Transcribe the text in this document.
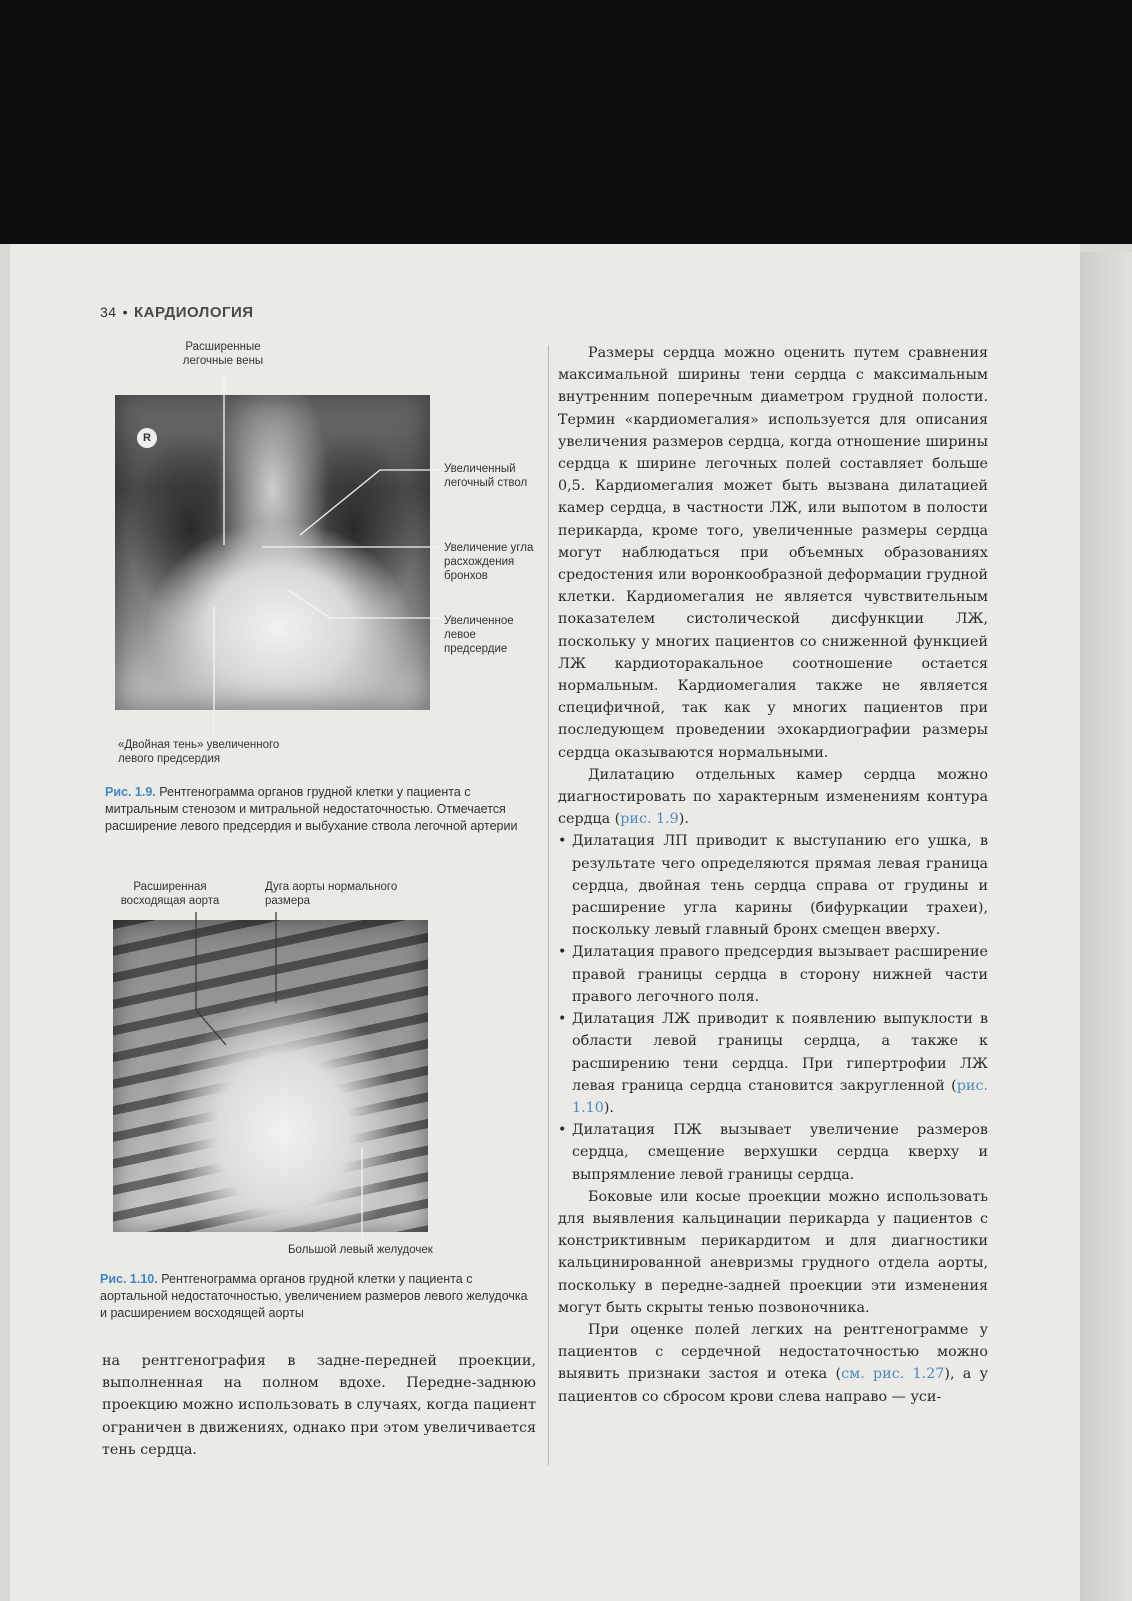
34 • КАРДИОЛОГИЯ
Расширенные легочные вены
R
Увеличенный легочный ствол
Увеличение угла расхождения бронхов
Увеличенное левое предсердие
«Двойная тень» увеличенного левого предсердия
Рис. 1.9. Рентгенограмма органов грудной клетки у пациента с митральным стенозом и митральной недостаточностью. Отмечается расширение левого предсердия и выбухание ствола легочной артерии
Расширенная восходящая аорта
Дуга аорты нормального размера
Большой левый желудочек
Рис. 1.10. Рентгенограмма органов грудной клетки у пациента с аортальной недостаточностью, увеличением размеров левого желудочка и расширением восходящей аорты

на рентгенография в задне-передней проекции, выполненная на полном вдохе. Передне-заднюю проекцию можно использовать в случаях, когда пациент ограничен в движениях, однако при этом увеличивается тень сердца.

Размеры сердца можно оценить путем сравнения максимальной ширины тени сердца с максимальным внутренним поперечным диаметром грудной полости. Термин «кардиомегалия» используется для описания увеличения размеров сердца, когда отношение ширины сердца к ширине легочных полей составляет больше 0,5. Кардиомегалия может быть вызвана дилатацией камер сердца, в частности ЛЖ, или выпотом в полости перикарда, кроме того, увеличенные размеры сердца могут наблюдаться при объемных образованиях средостения или воронкообразной деформации грудной клетки. Кардиомегалия не является чувствительным показателем систолической дисфункции ЛЖ, поскольку у многих пациентов со сниженной функцией ЛЖ кардиоторакальное соотношение остается нормальным. Кардиомегалия также не является специфичной, так как у многих пациентов при последующем проведении эхокардиографии размеры сердца оказываются нормальными.

Дилатацию отдельных камер сердца можно диагностировать по характерным изменениям контура сердца (рис. 1.9).

• Дилатация ЛП приводит к выступанию его ушка, в результате чего определяются прямая левая граница сердца, двойная тень сердца справа от грудины и расширение угла карины (бифуркации трахеи), поскольку левый главный бронх смещен вверху.
• Дилатация правого предсердия вызывает расширение правой границы сердца в сторону нижней части правого легочного поля.
• Дилатация ЛЖ приводит к появлению выпуклости в области левой границы сердца, а также к расширению тени сердца. При гипертрофии ЛЖ левая граница сердца становится закругленной (рис. 1.10).
• Дилатация ПЖ вызывает увеличение размеров сердца, смещение верхушки сердца кверху и выпрямление левой границы сердца.

Боковые или косые проекции можно использовать для выявления кальцинации перикарда у пациентов с констриктивным перикардитом и для диагностики кальцинированной аневризмы грудного отдела аорты, поскольку в передне-задней проекции эти изменения могут быть скрыты тенью позвоночника.

При оценке полей легких на рентгенограмме у пациентов с сердечной недостаточностью можно выявить признаки застоя и отека (см. рис. 1.27), а у пациентов со сбросом крови слева направо — уси-
